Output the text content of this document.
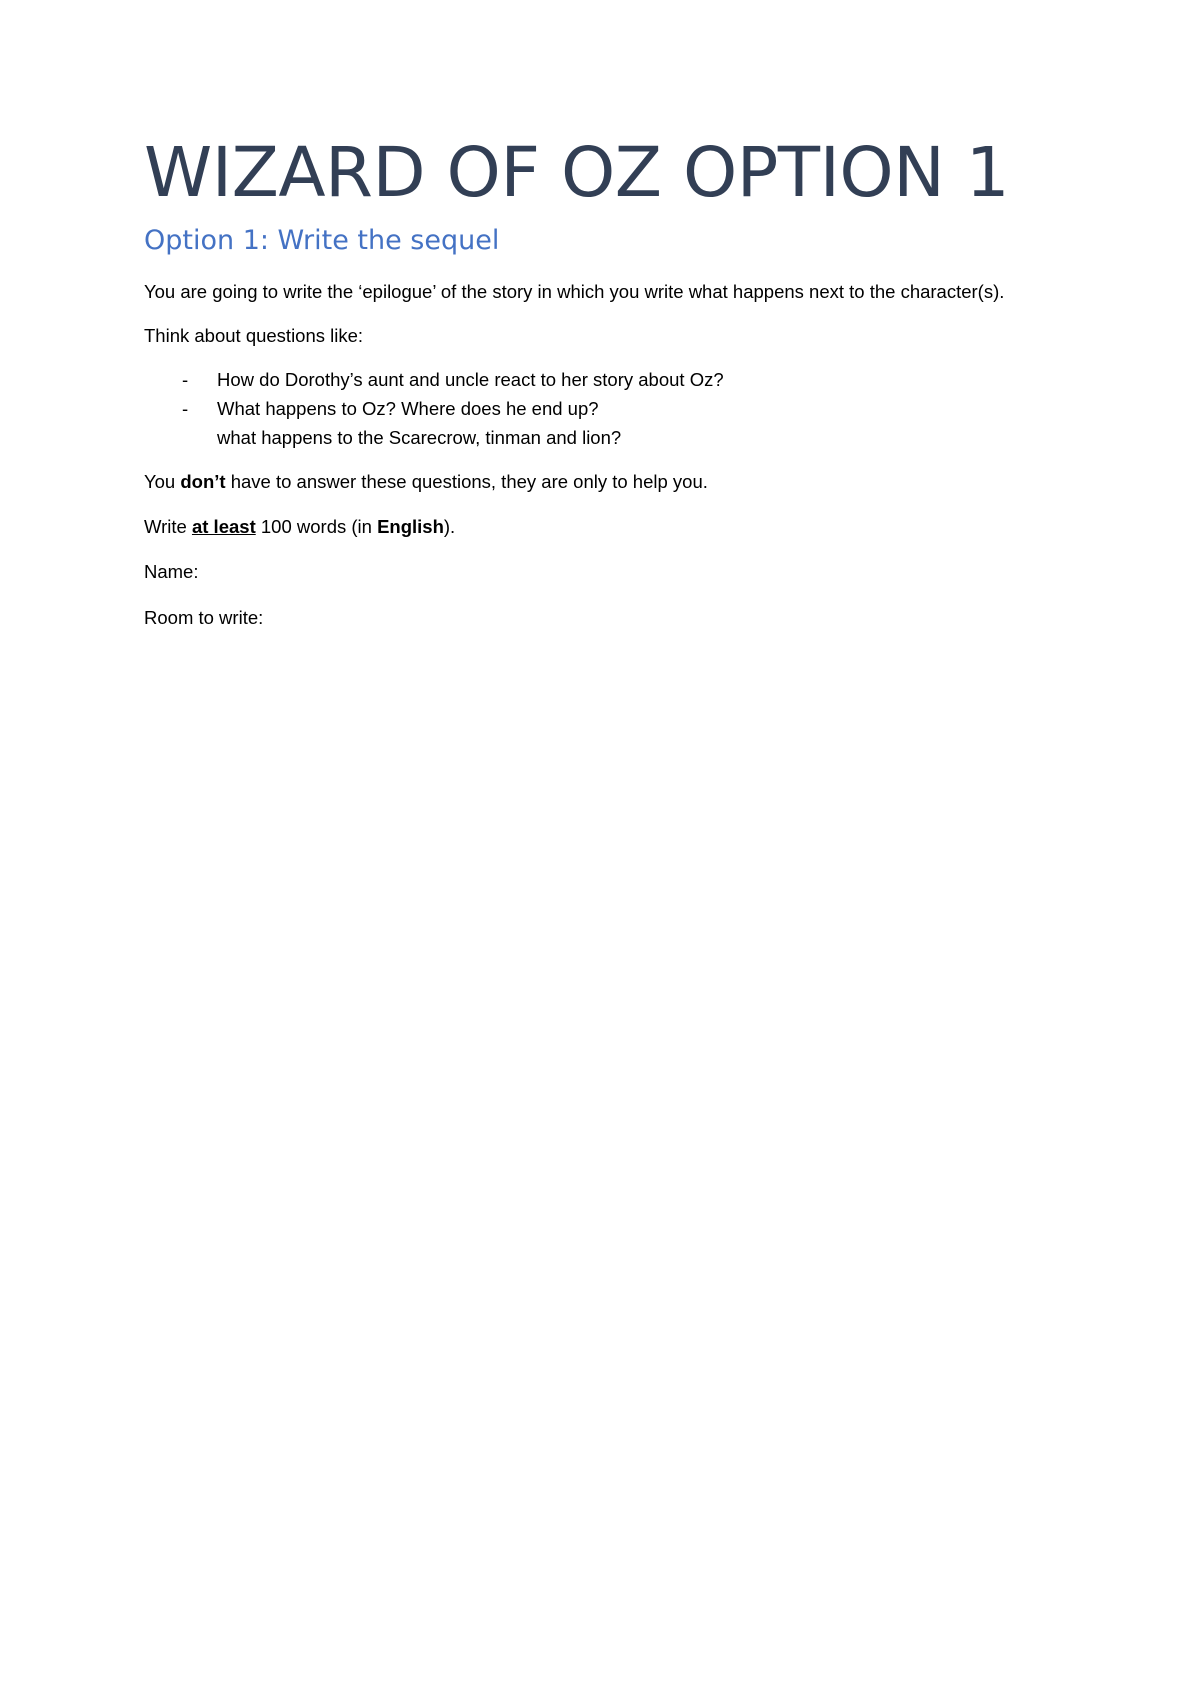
WIZARD OF OZ OPTION 1
Option 1: Write the sequel

You are going to write the ‘epilogue’ of the story in which you write what happens next to the character(s).

Think about questions like:

- How do Dorothy’s aunt and uncle react to her story about Oz?
- What happens to Oz? Where does he end up?
what happens to the Scarecrow, tinman and lion?

You don’t have to answer these questions, they are only to help you.

Write at least 100 words (in English).

Name:

Room to write:
